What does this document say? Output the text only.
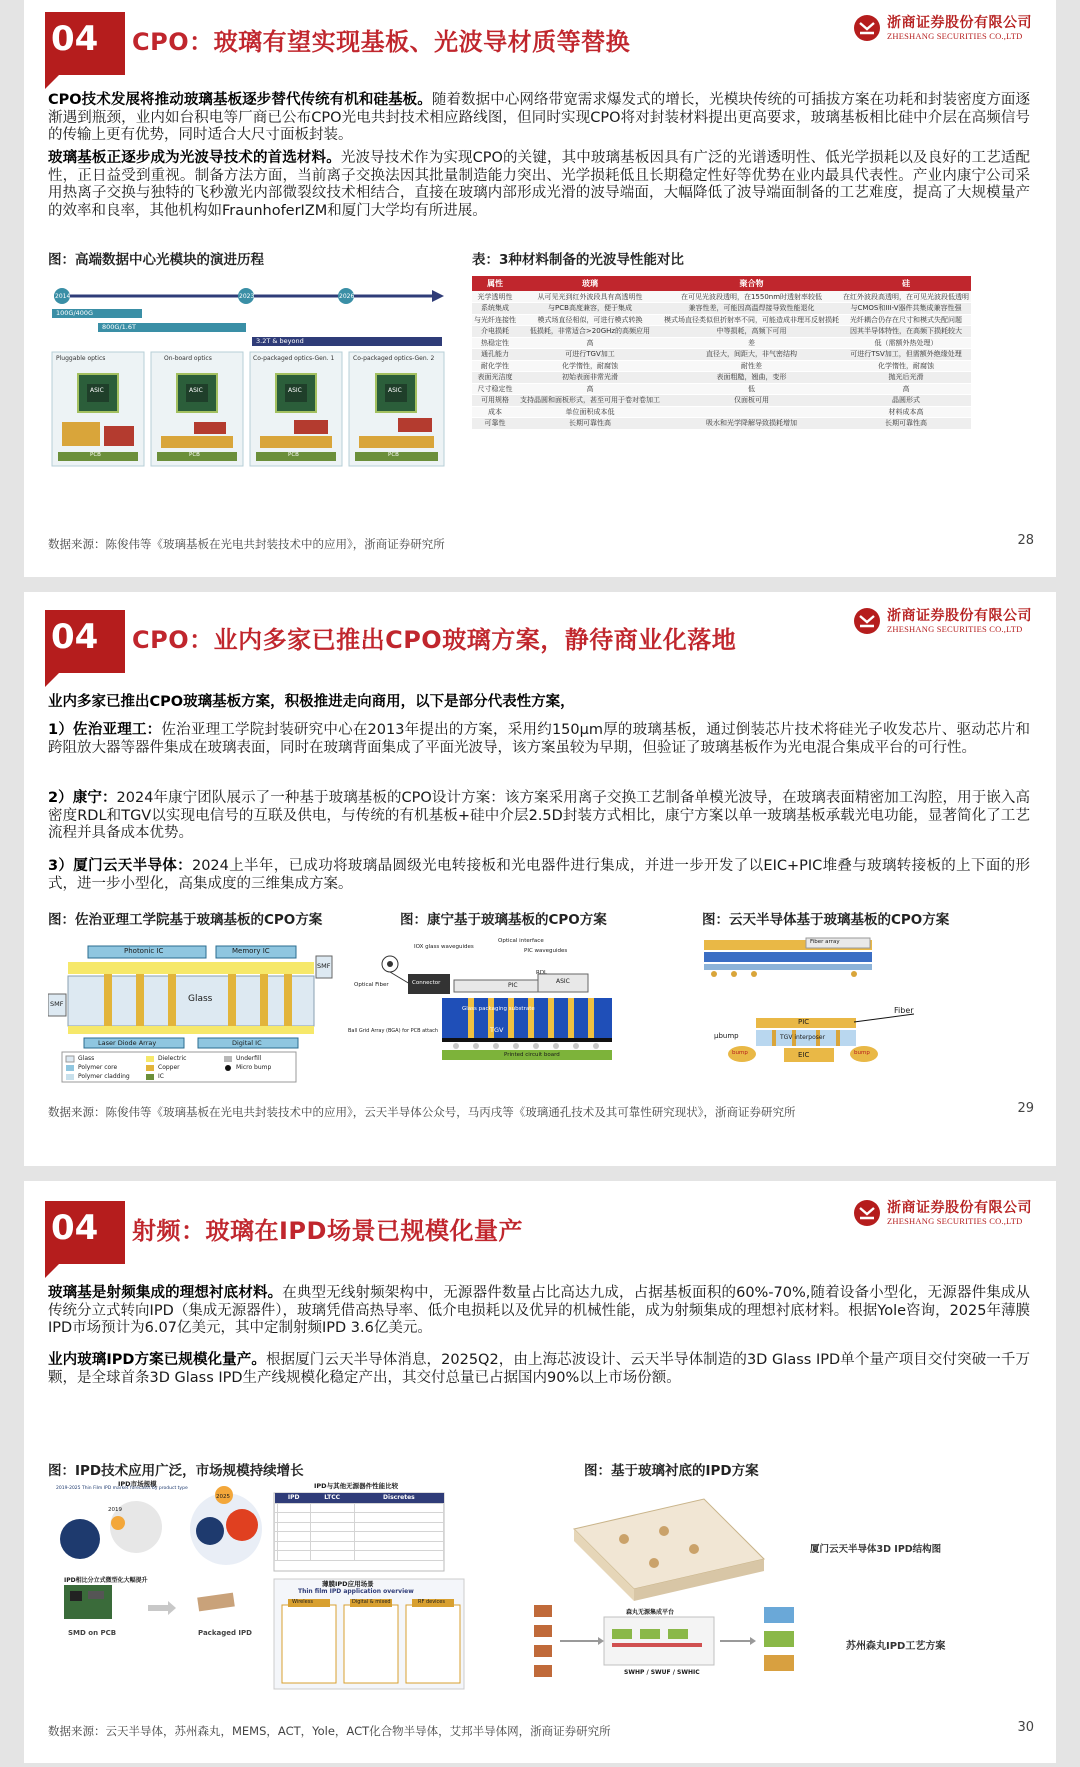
04 CPO：玻璃有望实现基板、光波导材质等替换
浙商证券股份有限公司
ZHESHANG SECURITIES CO.,LTD

CPO技术发展将推动玻璃基板逐步替代传统有机和硅基板。随着数据中心网络带宽需求爆发式的增长，光模块传统的可插拔方案在功耗和封装密度方面逐渐遇到瓶颈，业内如台积电等厂商已公布CPO光电共封技术相应路线图，但同时实现CPO将对封装材料提出更高要求，玻璃基板相比硅中介层在高频信号的传输上更有优势，同时适合大尺寸面板封装。

玻璃基板正逐步成为光波导技术的首选材料。光波导技术作为实现CPO的关键，其中玻璃基板因具有广泛的光谱透明性、低光学损耗以及良好的工艺适配性，正日益受到重视。制备方法方面，当前离子交换法因其批量制造能力突出、光学损耗低且长期稳定性好等优势在业内最具代表性。产业内康宁公司采用热离子交换与独特的飞秒激光内部微裂纹技术相结合，直接在玻璃内部形成光滑的波导端面，大幅降低了波导端面制备的工艺难度，提高了大规模量产的效率和良率，其他机构如FraunhoferIZM和厦门大学均有所进展。

图：高端数据中心光模块的演进历程	表：3种材料制备的光波导性能对比
2014	2023	2026
100G/400G
800G/1.6T
3.2T & beyond
Pluggable optics	On-board optics	Co-packaged optics-Gen. 1	Co-packaged optics-Gen. 2
ASIC	ASIC	ASIC	ASIC
PCB	PCB	PCB	PCB
属性	玻璃	聚合物	硅
光学透明性	从可见光到红外波段具有高透明性	在可见光波段透明，在1550nm时透射率较低	在红外波段高透明，在可见光波段低透明
系统集成	与PCB高度兼容，便于集成	兼容性差，可能因高温焊接导致性能退化	与CMOS和III-V器件共集成兼容性强
与光纤连接性	模式场直径相似，可进行模式转换	模式场直径类似但折射率不同，可能造成非理耳反射损耗	光纤耦合仍存在尺寸和模式失配问题
介电损耗	低损耗，非常适合>20GHz的高频应用	中等损耗，高频下可用	因其半导体特性，在高频下损耗较大
热稳定性	高	差	低（需额外热处理）
通孔能力	可进行TGV加工	直径大，间距大，非气密结构	可进行TSV加工，但需额外绝缘处理
耐化学性	化学惰性，耐腐蚀	耐性差	化学惰性，耐腐蚀
表面光洁度	初始表面非常光滑	表面粗糙，翘曲，变形	抛光后光滑
尺寸稳定性	高	低	高
可用规格	支持晶圆和面板形式，甚至可用于卷对卷加工	仅面板可用	晶圆形式
成本	单位面积成本低		材料成本高
可靠性	长期可靠性高	吸水和光学降解导致损耗增加	长期可靠性高
数据来源：陈俊伟等《玻璃基板在光电共封装技术中的应用》，浙商证券研究所	28
04 CPO：业内多家已推出CPO玻璃方案，静待商业化落地
浙商证券股份有限公司
ZHESHANG SECURITIES CO.,LTD

业内多家已推出CPO玻璃基板方案，积极推进走向商用，以下是部分代表性方案，

1）佐治亚理工：佐治亚理工学院封装研究中心在2013年提出的方案，采用约150μm厚的玻璃基板，通过倒装芯片技术将硅光子收发芯片、驱动芯片和跨阻放大器等器件集成在玻璃表面，同时在玻璃背面集成了平面光波导，该方案虽较为早期，但验证了玻璃基板作为光电混合集成平台的可行性。

2）康宁：2024年康宁团队展示了一种基于玻璃基板的CPO设计方案：该方案采用离子交换工艺制备单模光波导，在玻璃表面精密加工沟腔，用于嵌入高密度RDL和TGV以实现电信号的互联及供电，与传统的有机基板+硅中介层2.5D封装方式相比，康宁方案以单一玻璃基板承载光电功能，显著简化了工艺流程并具备成本优势。

3）厦门云天半导体：2024上半年，已成功将玻璃晶圆级光电转接板和光电器件进行集成，并进一步开发了以EIC+PIC堆叠与玻璃转接板的上下面的形式，进一步小型化，高集成度的三维集成方案。

图：佐治亚理工学院基于玻璃基板的CPO方案	图：康宁基于玻璃基板的CPO方案	图：云天半导体基于玻璃基板的CPO方案
Photonic IC	Memory IC
SMF
SMF
Glass
Laser Diode Array	Digital IC
Glass	Dielectric	Underfill
Polymer core	Copper	Micro bump
Polymer cladding	IC
IOX glass waveguides
Optical interface
PIC waveguides
Optical Fiber	Connector	PIC
RDL
ASIC
Glass packaging substrate
Ball Grid Array (BGA) for PCB attach	TGV
Printed circuit board
Fiber array
PIC
Fiber
μbump	TGV interposer
EIC
bump	bump
数据来源：陈俊伟等《玻璃基板在光电共封装技术中的应用》，云天半导体公众号，马丙戌等《玻璃通孔技术及其可靠性研究现状》，浙商证券研究所	29
04 射频：玻璃在IPD场景已规模化量产
浙商证券股份有限公司
ZHESHANG SECURITIES CO.,LTD

玻璃基是射频集成的理想衬底材料。在典型无线射频架构中，无源器件数量占比高达九成，占据基板面积的60%-70%,随着设备小型化，无源器件集成从传统分立式转向IPD（集成无源器件），玻璃凭借高热导率、低介电损耗以及优异的机械性能，成为射频集成的理想衬底材料。根据Yole咨询，2025年薄膜IPD市场预计为6.07亿美元，其中定制射频IPD 3.6亿美元。

业内玻璃IPD方案已规模化量产。根据厦门云天半导体消息，2025Q2，由上海芯波设计、云天半导体制造的3D Glass IPD单个量产项目交付突破一千万颗，是全球首条3D Glass IPD生产线规模化稳定产出，其交付总量已占据国内90%以上市场份额。

图：IPD技术应用广泛，市场规模持续增长	图：基于玻璃衬底的IPD方案
IPD市场规模
2019-2025 Thin Film IPD market forecasts by product type
2019
2025
IPD相比分立式微型化大幅提升
SMD on PCB	Packaged IPD
IPD与其他无源器件性能比较
	IPD	LTCC	Discretes

薄膜IPD应用场景
Thin film IPD application overview
Wireless	Digital & mixed	RF devices
厦门云天半导体3D IPD结构图
苏州森丸IPD工艺方案
森丸无源集成平台
SWHP / SWUF / SWHIC
数据来源：云天半导体，苏州森丸，MEMS，ACT，Yole，ACT化合物半导体，艾邦半导体网，浙商证券研究所	30
